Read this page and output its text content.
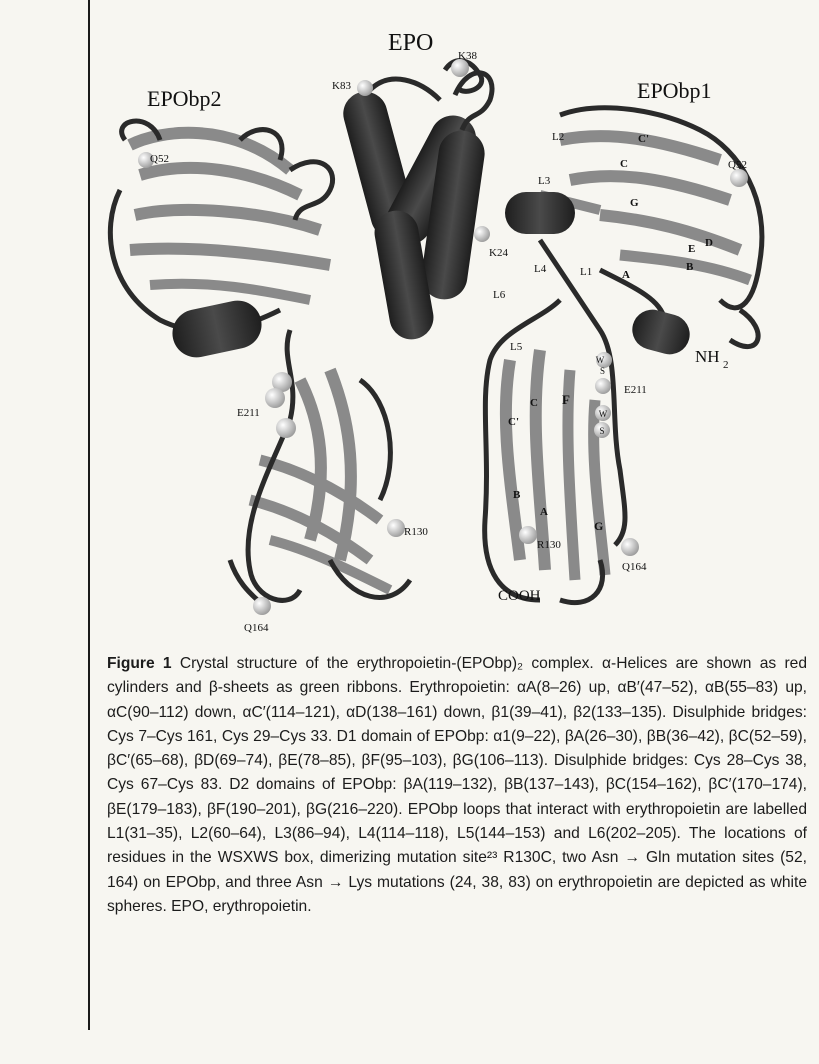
EPO
EPObp1
EPObp2
NH 2
COOH
K38
K83
K24
Q52	Q52
E211
E211
R130
R130
Q164
Q164
L1
L2
L3
L4
L5
L6
A
C
C'
G
E D
B
F
C
C'
B
A
G
W
S
W
S
Figure 1 Crystal structure of the erythropoietin-(EPObp)₂ complex. α-Helices are shown as red cylinders and β-sheets as green ribbons. Erythropoietin: αA(8–26) up, αB′(47–52), αB(55–83) up, αC(90–112) down, αC′(114–121), αD(138–161) down, β1(39–41), β2(133–135). Disulphide bridges: Cys 7–Cys 161, Cys 29–Cys 33. D1 domain of EPObp: α1(9–22), βA(26–30), βB(36–42), βC(52–59), βC′(65–68), βD(69–74), βE(78–85), βF(95–103), βG(106–113). Disulphide bridges: Cys 28–Cys 38, Cys 67–Cys 83. D2 domains of EPObp: βA(119–132), βB(137–143), βC(154–162), βC′(170–174), βE(179–183), βF(190–201), βG(216–220). EPObp loops that interact with erythropoietin are labelled L1(31–35), L2(60–64), L3(86–94), L4(114–118), L5(144–153) and L6(202–205). The locations of residues in the WSXWS box, dimerizing mutation site²³ R130C, two Asn → Gln mutation sites (52, 164) on EPObp, and three Asn → Lys mutations (24, 38, 83) on erythropoietin are depicted as white spheres. EPO, erythropoietin.
